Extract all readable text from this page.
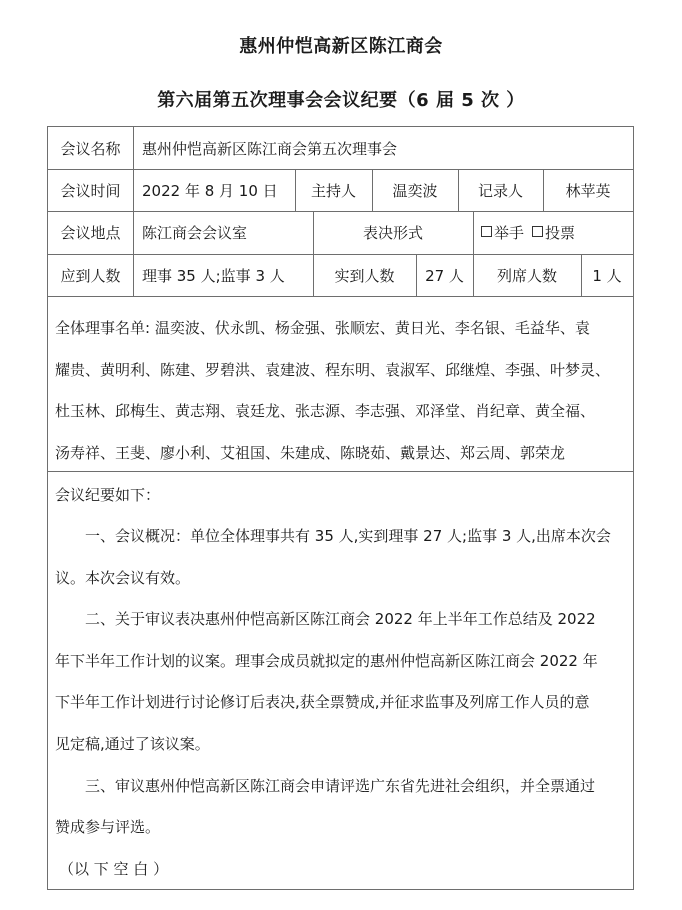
惠州仲恺高新区陈江商会
第六届第五次理事会会议纪要（6 届 5 次 ）
会议名称	惠州仲恺高新区陈江商会第五次理事会
会议时间	2022 年 8 月 10 日	主持人	温奕波	记录人	林苹英
会议地点	陈江商会会议室	表决形式	举手 投票
应到人数	理事 35 人;监事 3 人	实到人数	27 人	列席人数	1 人
全体理事名单: 温奕波、伏永凯、杨金强、张顺宏、黄日光、李名银、毛益华、袁
耀贵、黄明利、陈建、罗碧洪、袁建波、程东明、袁淑军、邱继煌、李强、叶梦灵、
杜玉林、邱梅生、黄志翔、袁廷龙、张志源、李志强、邓泽堂、肖纪章、黄全福、
汤寿祥、王斐、廖小利、艾祖国、朱建成、陈晓茹、戴景达、郑云周、郭荣龙
会议纪要如下：
一、会议概况：单位全体理事共有 35 人,实到理事 27 人;监事 3 人,出席本次会
议。本次会议有效。
二、关于审议表决惠州仲恺高新区陈江商会 2022 年上半年工作总结及 2022
年下半年工作计划的议案。理事会成员就拟定的惠州仲恺高新区陈江商会 2022 年
下半年工作计划进行讨论修订后表决,获全票赞成,并征求监事及列席工作人员的意
见定稿,通过了该议案。
三、审议惠州仲恺高新区陈江商会申请评选广东省先进社会组织，并全票通过
赞成参与评选。
（以 下 空 白 ）
